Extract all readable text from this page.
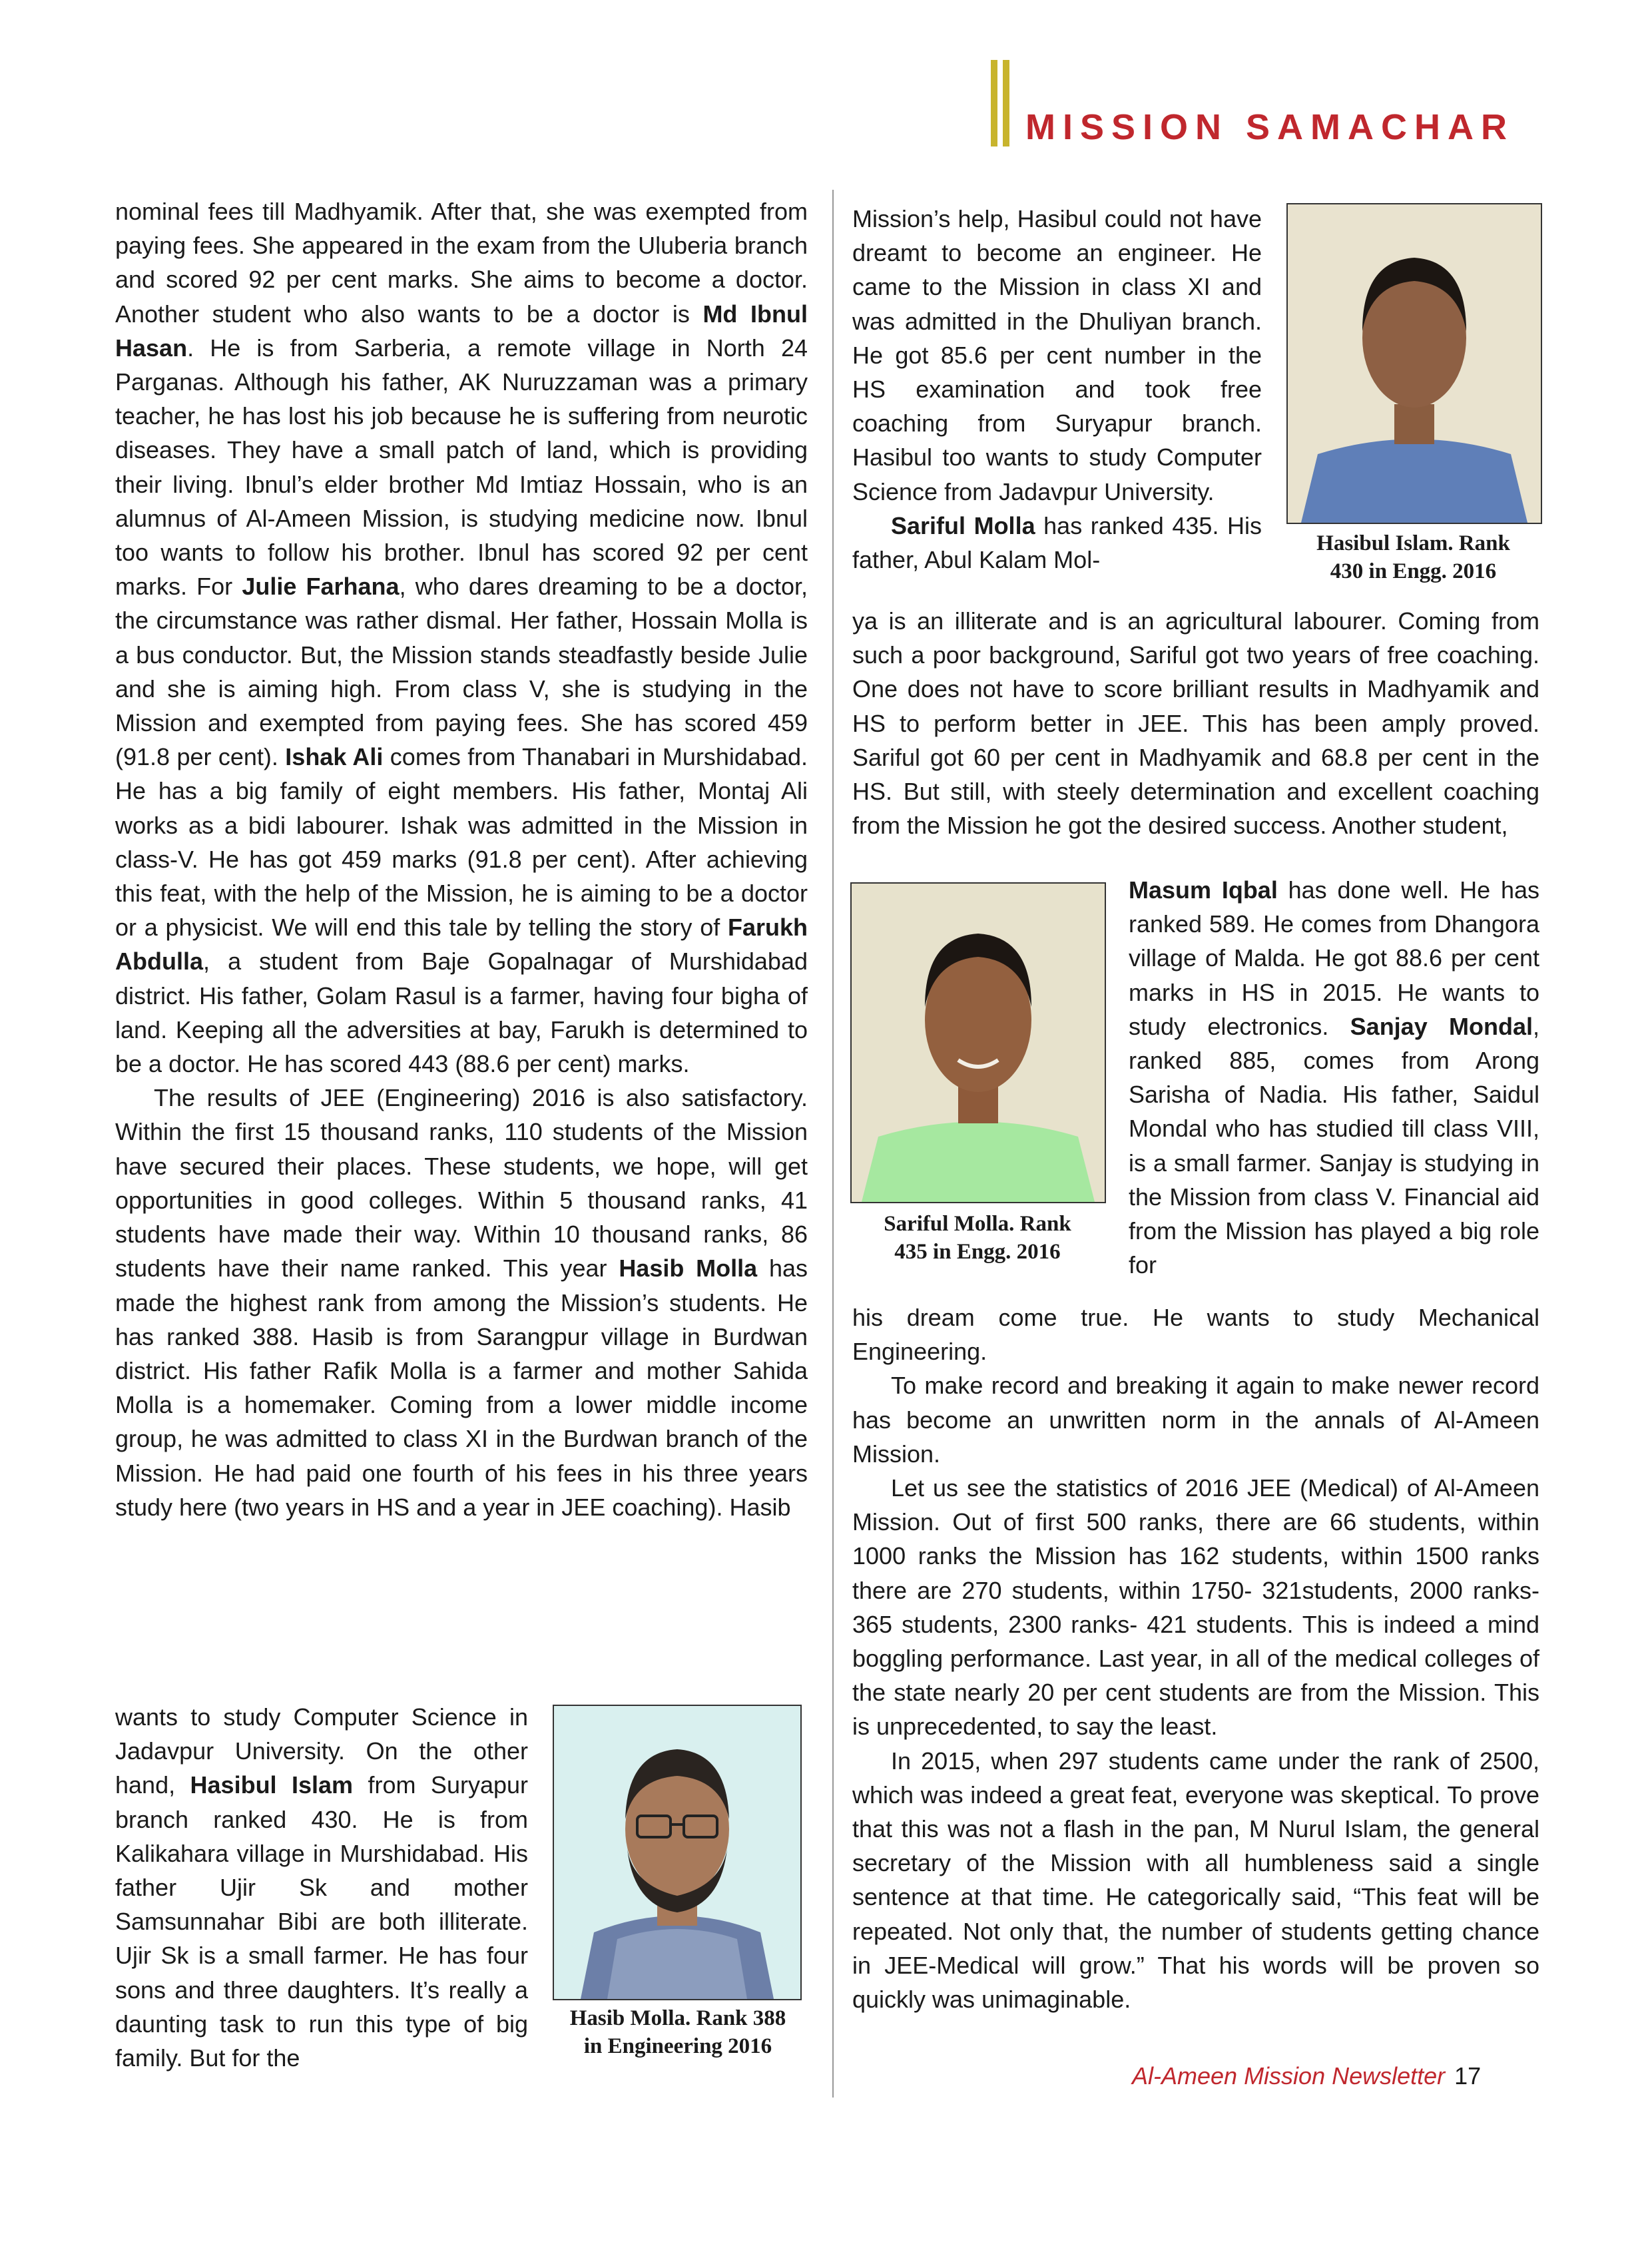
MISSION SAMACHAR

nominal fees till Madhyamik. After that, she was exempted from paying fees. She appeared in the exam from the Uluberia branch and scored 92 per cent marks. She aims to become a doctor. Another student who also wants to be a doctor is Md Ibnul Hasan. He is from Sarberia, a remote village in North 24 Parganas. Although his father, AK Nuruzzaman was a primary teacher, he has lost his job because he is suffering from neurotic diseases. They have a small patch of land, which is providing their living. Ibnul’s elder brother Md Imtiaz Hossain, who is an alumnus of Al-Ameen Mission, is studying medicine now. Ibnul too wants to follow his brother. Ibnul has scored 92 per cent marks. For Julie Farhana, who dares dreaming to be a doctor, the circumstance was rather dismal. Her father, Hossain Molla is a bus conductor. But, the Mission stands steadfastly beside Julie and she is aiming high. From class V, she is studying in the Mission and exempted from paying fees. She has scored 459 (91.8 per cent). Ishak Ali comes from Thanabari in Murshidabad. He has a big family of eight members. His father, Montaj Ali works as a bidi labourer. Ishak was admitted in the Mission in class-V. He has got 459 marks (91.8 per cent). After achieving this feat, with the help of the Mission, he is aiming to be a doctor or a physicist. We will end this tale by telling the story of Farukh Abdulla, a student from Baje Gopalnagar of Murshidabad district. His father, Golam Rasul is a farmer, having four bigha of land. Keeping all the adversities at bay, Farukh is determined to be a doctor. He has scored 443 (88.6 per cent) marks.

The results of JEE (Engineering) 2016 is also satisfactory. Within the first 15 thousand ranks, 110 students of the Mission have secured their places. These students, we hope, will get opportunities in good colleges. Within 5 thousand ranks, 41 students have made their way. Within 10 thousand ranks, 86 students have their name ranked. This year Hasib Molla has made the highest rank from among the Mission’s students. He has ranked 388. Hasib is from Sarangpur village in Burdwan district. His father Rafik Molla is a farmer and mother Sahida Molla is a homemaker. Coming from a lower middle income group, he was admitted to class XI in the Burdwan branch of the Mission. He had paid one fourth of his fees in his three years study here (two years in HS and a year in JEE coaching). Hasib

wants to study Computer Science in Jadavpur University. On the other hand, Hasibul Islam from Suryapur branch ranked 430. He is from Kalikahara village in Murshidabad. His father Ujir Sk and mother Samsunnahar Bibi are both illiterate. Ujir Sk is a small farmer. He has four sons and three daughters. It’s really a daunting task to run this type of big family. But for the

Hasib Molla. Rank 388
in Engineering 2016

Mission’s help, Hasibul could not have dreamt to become an engineer. He came to the Mission in class XI and was admitted in the Dhuliyan branch. He got 85.6 per cent number in the HS examination and took free coaching from Suryapur branch. Hasibul too wants to study Computer Science from Jadavpur University.

Sariful Molla has ranked 435. His father, Abul Kalam Mol-

Hasibul Islam. Rank
430 in Engg. 2016

ya is an illiterate and is an agricultural labourer. Coming from such a poor background, Sariful got two years of free coaching. One does not have to score brilliant results in Madhyamik and HS to perform better in JEE. This has been amply proved. Sariful got 60 per cent in Madhyamik and 68.8 per cent in the HS. But still, with steely determination and excellent coaching from the Mission he got the desired success. Another student,

Sariful Molla. Rank
435 in Engg. 2016

Masum Iqbal has done well. He has ranked 589. He comes from Dhangora village of Malda. He got 88.6 per cent marks in HS in 2015. He wants to study electronics. Sanjay Mondal, ranked 885, comes from Arong Sarisha of Nadia. His father, Saidul Mondal who has studied till class VIII, is a small farmer. Sanjay is studying in the Mission from class V. Financial aid from the Mission has played a big role for

his dream come true. He wants to study Mechanical Engineering.

To make record and breaking it again to make newer record has become an unwritten norm in the annals of Al-Ameen Mission.

Let us see the statistics of 2016 JEE (Medical) of Al-Ameen Mission. Out of first 500 ranks, there are 66 students, within 1000 ranks the Mission has 162 students, within 1500 ranks there are 270 students, within 1750- 321students, 2000 ranks-365 students, 2300 ranks- 421 students. This is indeed a mind boggling performance. Last year, in all of the medical colleges of the state nearly 20 per cent students are from the Mission. This is unprecedented, to say the least.

In 2015, when 297 students came under the rank of 2500, which was indeed a great feat, everyone was skeptical. To prove that this was not a flash in the pan, M Nurul Islam, the general secretary of the Mission with all humbleness said a single sentence at that time. He categorically said, “This feat will be repeated. Not only that, the number of students getting chance in JEE-Medical will grow.” That his words will be proven so quickly was unimaginable.

Al-Ameen Mission Newsletter 17
